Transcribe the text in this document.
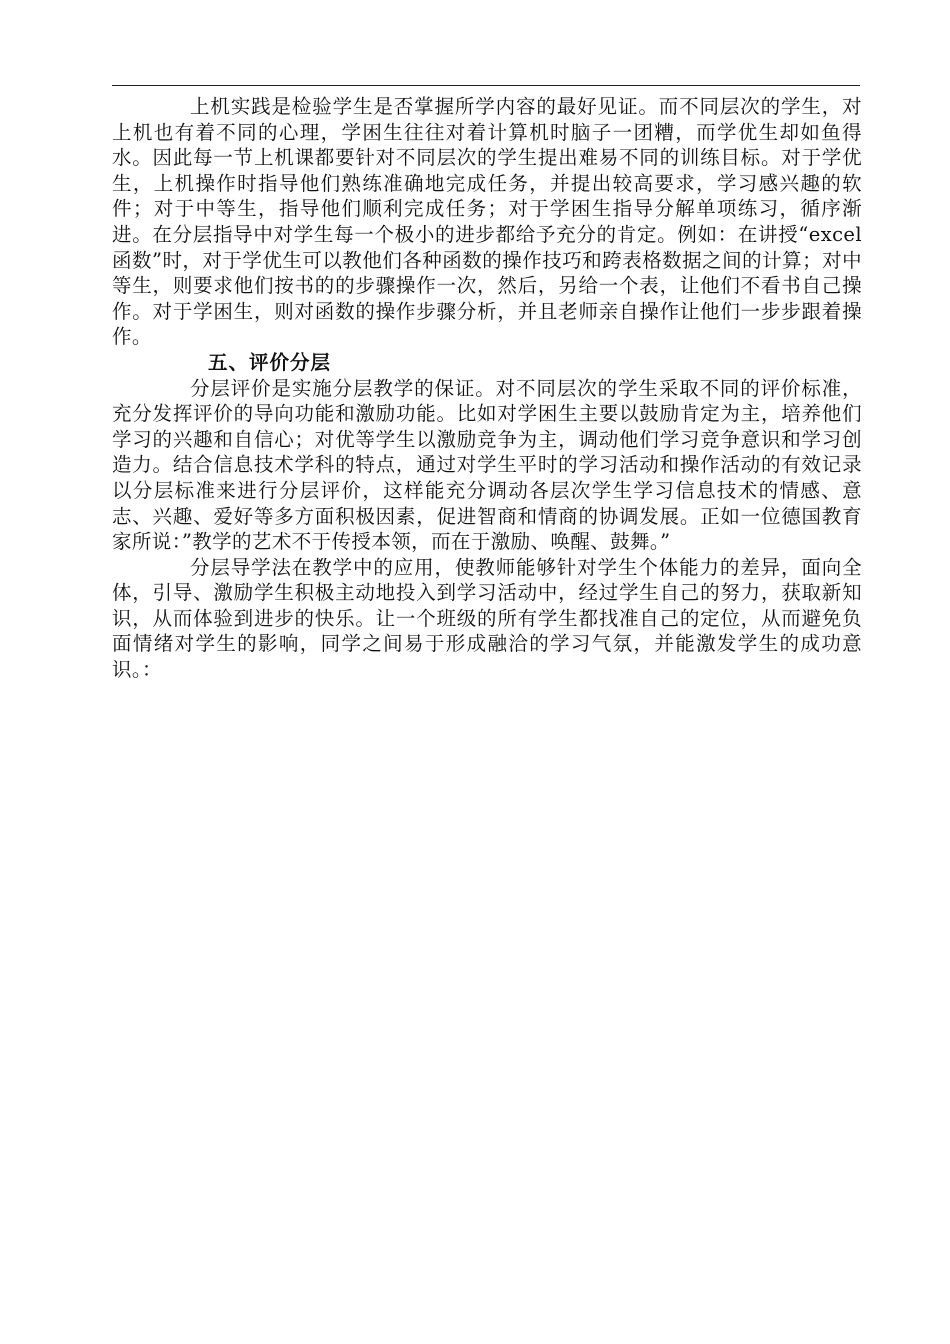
上机实践是检验学生是否掌握所学内容的最好见证。而不同层次的学生，对上机也有着不同的心理，学困生往往对着计算机时脑子一团糟，而学优生却如鱼得水。因此每一节上机课都要针对不同层次的学生提出难易不同的训练目标。对于学优生，上机操作时指导他们熟练准确地完成任务，并提出较高要求，学习感兴趣的软件；对于中等生，指导他们顺利完成任务；对于学困生指导分解单项练习，循序渐进。在分层指导中对学生每一个极小的进步都给予充分的肯定。例如：在讲授“excel函数”时，对于学优生可以教他们各种函数的操作技巧和跨表格数据之间的计算；对中等生，则要求他们按书的的步骤操作一次，然后，另给一个表，让他们不看书自己操作。对于学困生，则对函数的操作步骤分析，并且老师亲自操作让他们一步步跟着操作。

五、评价分层

分层评价是实施分层教学的保证。对不同层次的学生采取不同的评价标准，充分发挥评价的导向功能和激励功能。比如对学困生主要以鼓励肯定为主，培养他们学习的兴趣和自信心；对优等学生以激励竞争为主，调动他们学习竞争意识和学习创造力。结合信息技术学科的特点，通过对学生平时的学习活动和操作活动的有效记录以分层标准来进行分层评价，这样能充分调动各层次学生学习信息技术的情感、意志、兴趣、爱好等多方面积极因素，促进智商和情商的协调发展。正如一位德国教育家所说：”教学的艺术不于传授本领，而在于激励、唤醒、鼓舞。”

分层导学法在教学中的应用，使教师能够针对学生个体能力的差异，面向全体，引导、激励学生积极主动地投入到学习活动中，经过学生自己的努力，获取新知识，从而体验到进步的快乐。让一个班级的所有学生都找准自己的定位，从而避免负面情绪对学生的影响，同学之间易于形成融洽的学习气氛，并能激发学生的成功意识。：
